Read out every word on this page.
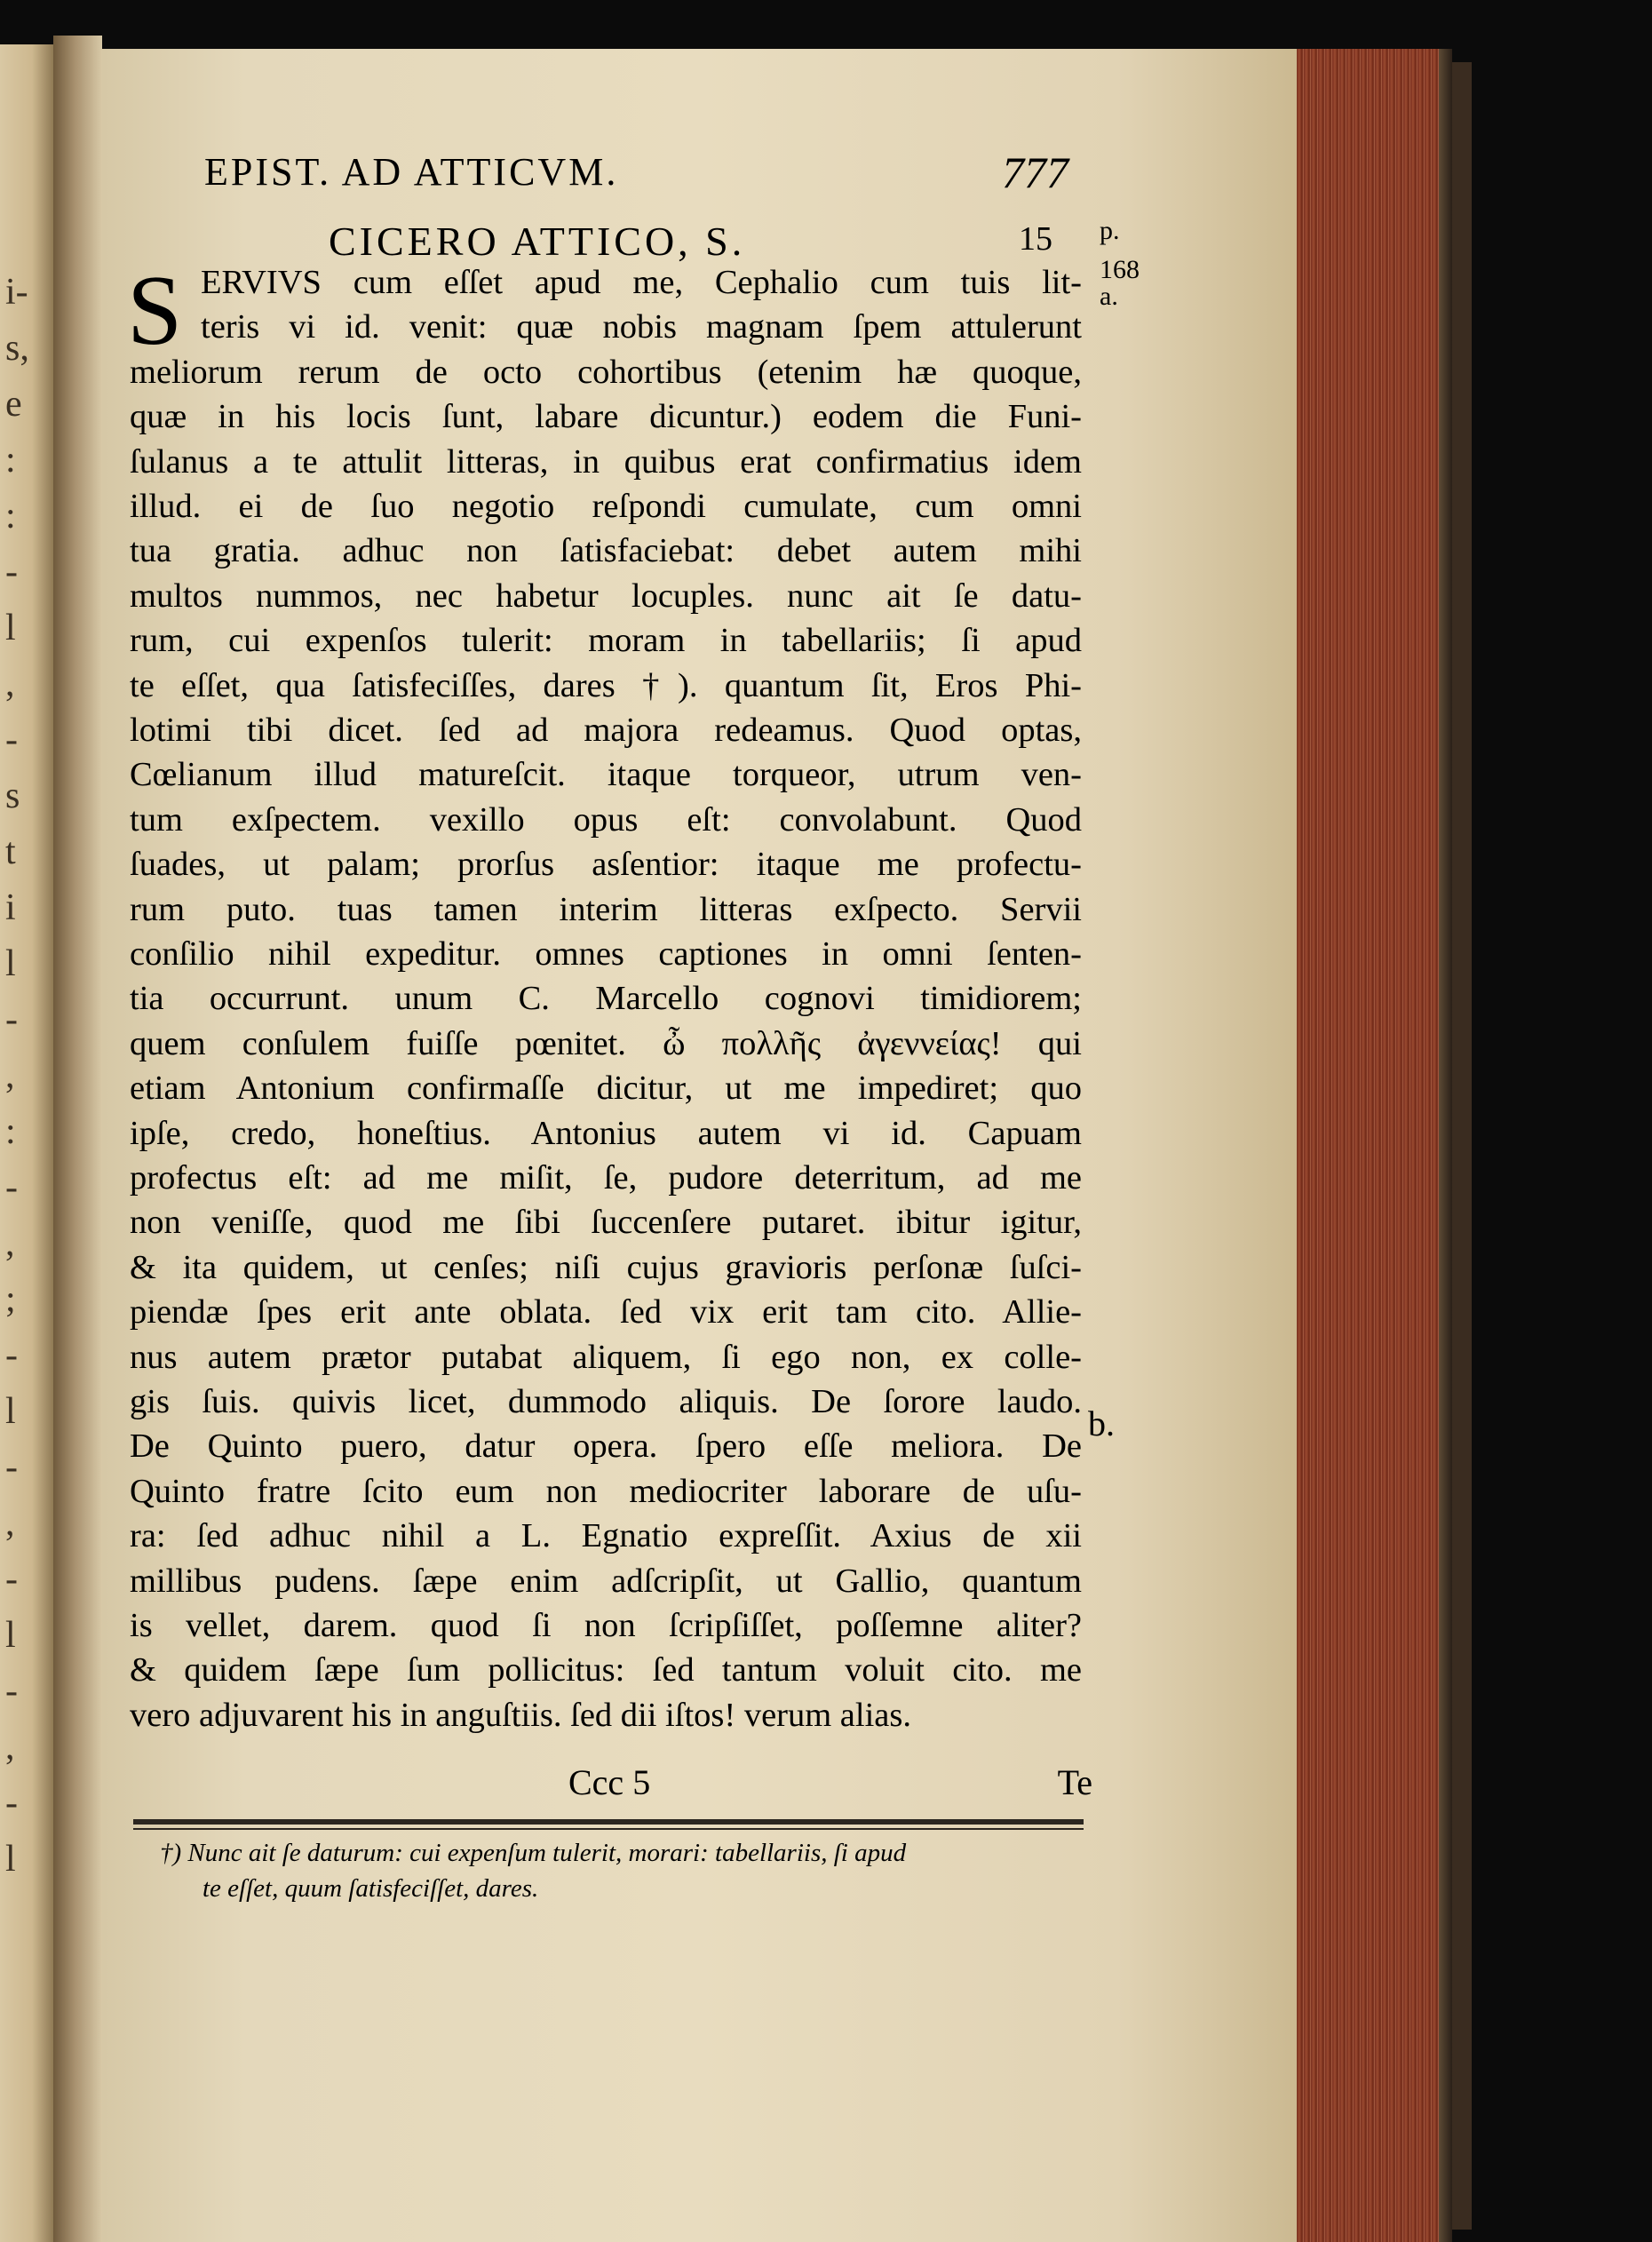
i-
s,
e
:
:
-
l
,
-
s
t
i
l
-
,
:
-
,
;
-
l
-
,
-
l
-
,
-
l
EPIST. AD ATTICVM.	777
CICERO ATTICO, S.	15 p.
168
a.
S ERVIVS cum eſſet apud me, Cephalio cum tuis lit-
teris vi id. venit: quæ nobis magnam ſpem attulerunt
meliorum rerum de octo cohortibus (etenim hæ quoque,
quæ in his locis ſunt, labare dicuntur.) eodem die Funi-
ſulanus a te attulit litteras, in quibus erat confirmatius idem
illud. ei de ſuo negotio reſpondi cumulate, cum omni
tua gratia. adhuc non ſatisfaciebat: debet autem mihi
multos nummos, nec habetur locuples. nunc ait ſe datu-
rum, cui expenſos tulerit: moram in tabellariis; ſi apud
te eſſet, qua ſatisfeciſſes, dares †). quantum ſit, Eros Phi-
lotimi tibi dicet. ſed ad majora redeamus. Quod optas,
Cœlianum illud matureſcit. itaque torqueor, utrum ven-
tum exſpectem. vexillo opus eſt: convolabunt. Quod
ſuades, ut palam; prorſus asſentior: itaque me profectu-
rum puto. tuas tamen interim litteras exſpecto. Servii
conſilio nihil expeditur. omnes captiones in omni ſenten-
tia occurrunt. unum C. Marcello cognovi timidiorem;
quem conſulem fuiſſe pœnitet. ὦ πολλῆς ἀγεννείας! qui
etiam Antonium confirmaſſe dicitur, ut me impediret; quo
ipſe, credo, honeſtius. Antonius autem vi id. Capuam
profectus eſt: ad me miſit, ſe, pudore deterritum, ad me
non veniſſe, quod me ſibi ſuccenſere putaret. ibitur igitur,
& ita quidem, ut cenſes; niſi cujus gravioris perſonæ ſuſci-
piendæ ſpes erit ante oblata. ſed vix erit tam cito. Allie-
nus autem prætor putabat aliquem, ſi ego non, ex colle-
gis ſuis. quivis licet, dummodo aliquis. De ſorore laudo.
De Quinto puero, datur opera. ſpero eſſe meliora. De
Quinto fratre ſcito eum non mediocriter laborare de uſu-
ra: ſed adhuc nihil a L. Egnatio expreſſit. Axius de xii
millibus pudens. ſæpe enim adſcripſit, ut Gallio, quantum
is vellet, darem. quod ſi non ſcripſiſſet, poſſemne aliter?
& quidem ſæpe ſum pollicitus: ſed tantum voluit cito. me
vero adjuvarent his in anguſtiis. ſed dii iſtos! verum alias.
b.
Ccc 5	Te
†) Nunc ait ſe daturum: cui expenſum tulerit, morari: tabellariis, ſi apud
te eſſet, quum ſatisfeciſſet, dares.
